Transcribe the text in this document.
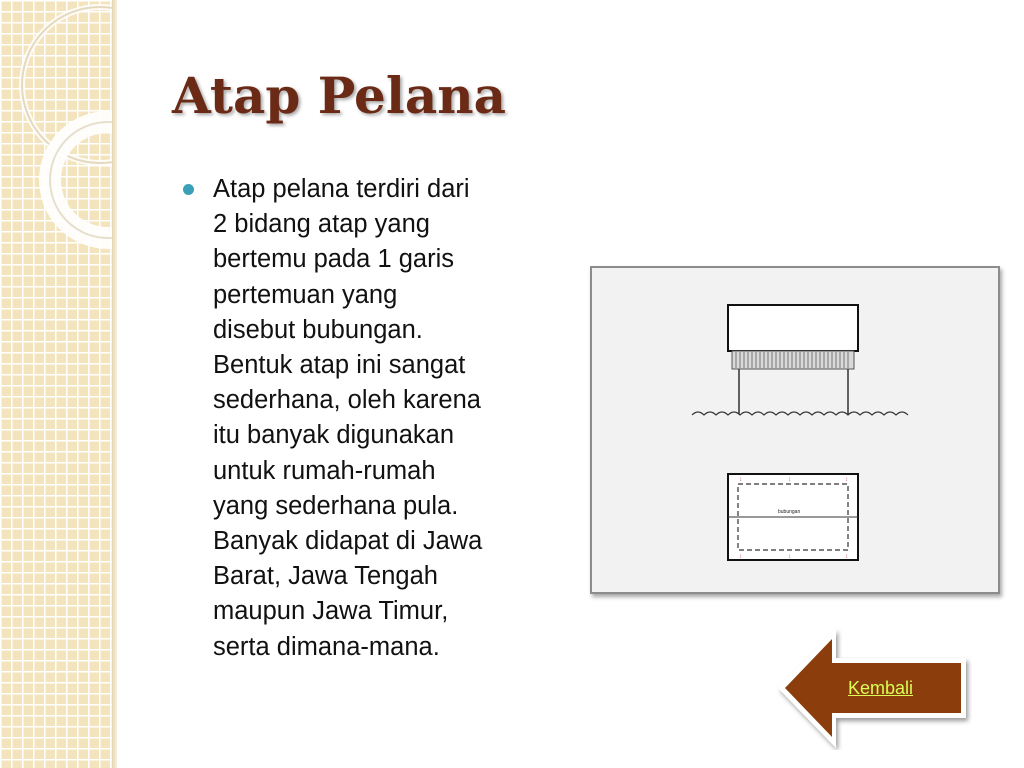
Atap Pelana

Atap pelana terdiri dari
2 bidang atap yang
bertemu pada 1 garis
pertemuan yang
disebut bubungan.
Bentuk atap ini sangat
sederhana, oleh karena
itu banyak digunakan
untuk rumah-rumah
yang sederhana pula.
Banyak didapat di Jawa
Barat, Jawa Tengah
maupun Jawa Timur,
serta dimana-mana.

↕	↕	↕
↕	↕	↕
bubungan
Kembali
